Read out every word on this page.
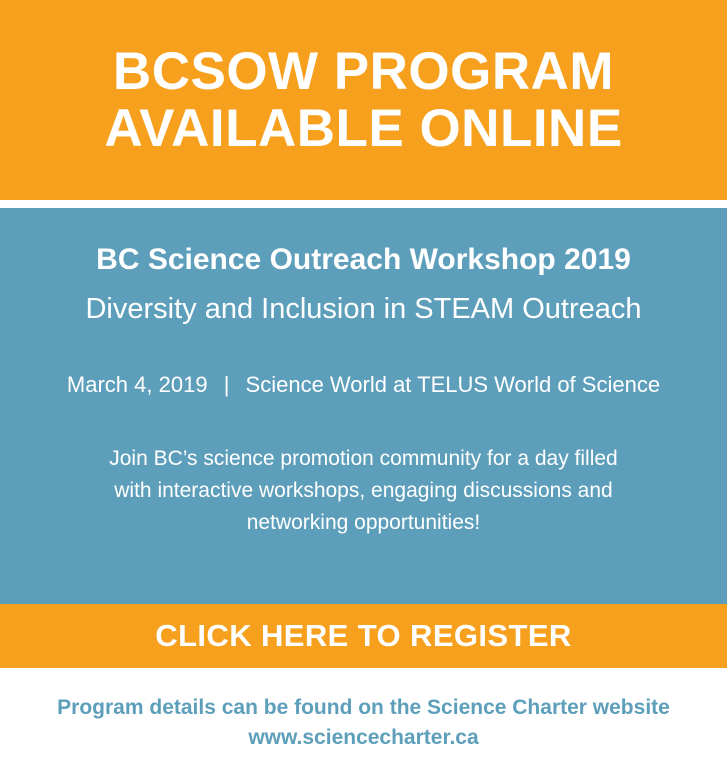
BCSOW PROGRAM
AVAILABLE ONLINE
BC Science Outreach Workshop 2019
Diversity and Inclusion in STEAM Outreach
March 4, 2019 | Science World at TELUS World of Science
Join BC’s science promotion community for a day filled
with interactive workshops, engaging discussions and
networking opportunities!
CLICK HERE TO REGISTER
Program details can be found on the Science Charter website
www.sciencecharter.ca
